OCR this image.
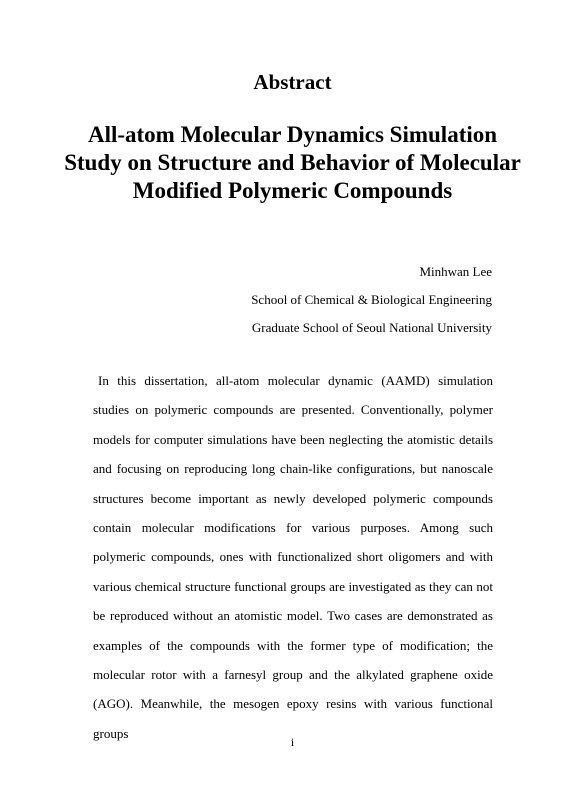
Abstract
All-atom Molecular Dynamics Simulation Study on Structure and Behavior of Molecular Modified Polymeric Compounds
Minhwan Lee
School of Chemical & Biological Engineering
Graduate School of Seoul National University

In this dissertation, all-atom molecular dynamic (AAMD) simulation studies on polymeric compounds are presented. Conventionally, polymer models for computer simulations have been neglecting the atomistic details and focusing on reproducing long chain-like configurations, but nanoscale structures become important as newly developed polymeric compounds contain molecular modifications for various purposes. Among such polymeric compounds, ones with functionalized short oligomers and with various chemical structure functional groups are investigated as they can not be reproduced without an atomistic model. Two cases are demonstrated as examples of the compounds with the former type of modification; the molecular rotor with a farnesyl group and the alkylated graphene oxide (AGO). Meanwhile, the mesogen epoxy resins with various functional groups

i
